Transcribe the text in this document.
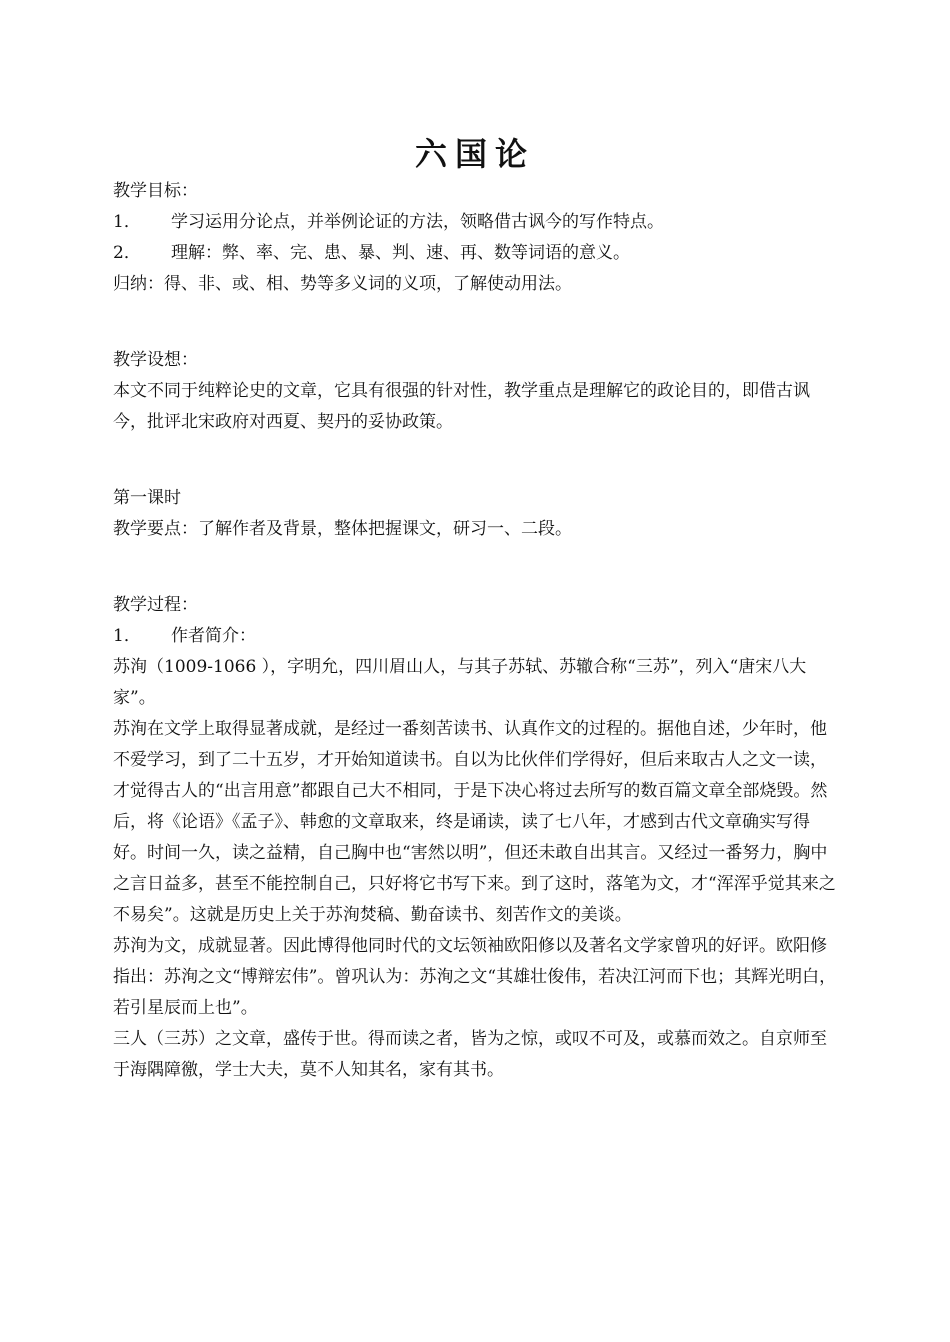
六国论

教学目标：

1．	学习运用分论点，并举例论证的方法，领略借古讽今的写作特点。
2．	理解：弊、率、完、患、暴、判、速、再、数等词语的意义。

归纳：得、非、或、相、势等多义词的义项，了解使动用法。

教学设想：

本文不同于纯粹论史的文章，它具有很强的针对性，教学重点是理解它的政论目的，即借古讽今，批评北宋政府对西夏、契丹的妥协政策。

第一课时

教学要点：了解作者及背景，整体把握课文，研习一、二段。

教学过程：

1．	作者简介：

苏洵（1009-1066 ），字明允，四川眉山人，与其子苏轼、苏辙合称“三苏”，列入“唐宋八大家”。

苏洵在文学上取得显著成就，是经过一番刻苦读书、认真作文的过程的。据他自述，少年时，他不爱学习，到了二十五岁，才开始知道读书。自以为比伙伴们学得好，但后来取古人之文一读，才觉得古人的“出言用意”都跟自己大不相同，于是下决心将过去所写的数百篇文章全部烧毁。然后，将《论语》《孟子》、韩愈的文章取来，终是诵读，读了七八年，才感到古代文章确实写得好。时间一久，读之益精，自己胸中也“害然以明”，但还未敢自出其言。又经过一番努力，胸中之言日益多，甚至不能控制自己，只好将它书写下来。到了这时，落笔为文，才“浑浑乎觉其来之不易矣”。这就是历史上关于苏洵焚稿、勤奋读书、刻苦作文的美谈。

苏洵为文，成就显著。因此博得他同时代的文坛领袖欧阳修以及著名文学家曾巩的好评。欧阳修指出：苏洵之文“博辩宏伟”。曾巩认为：苏洵之文“其雄壮俊伟，若决江河而下也；其辉光明白，若引星辰而上也”。

三人（三苏）之文章，盛传于世。得而读之者，皆为之惊，或叹不可及，或慕而效之。自京师至于海隅障徼，学士大夫，莫不人知其名，家有其书。
